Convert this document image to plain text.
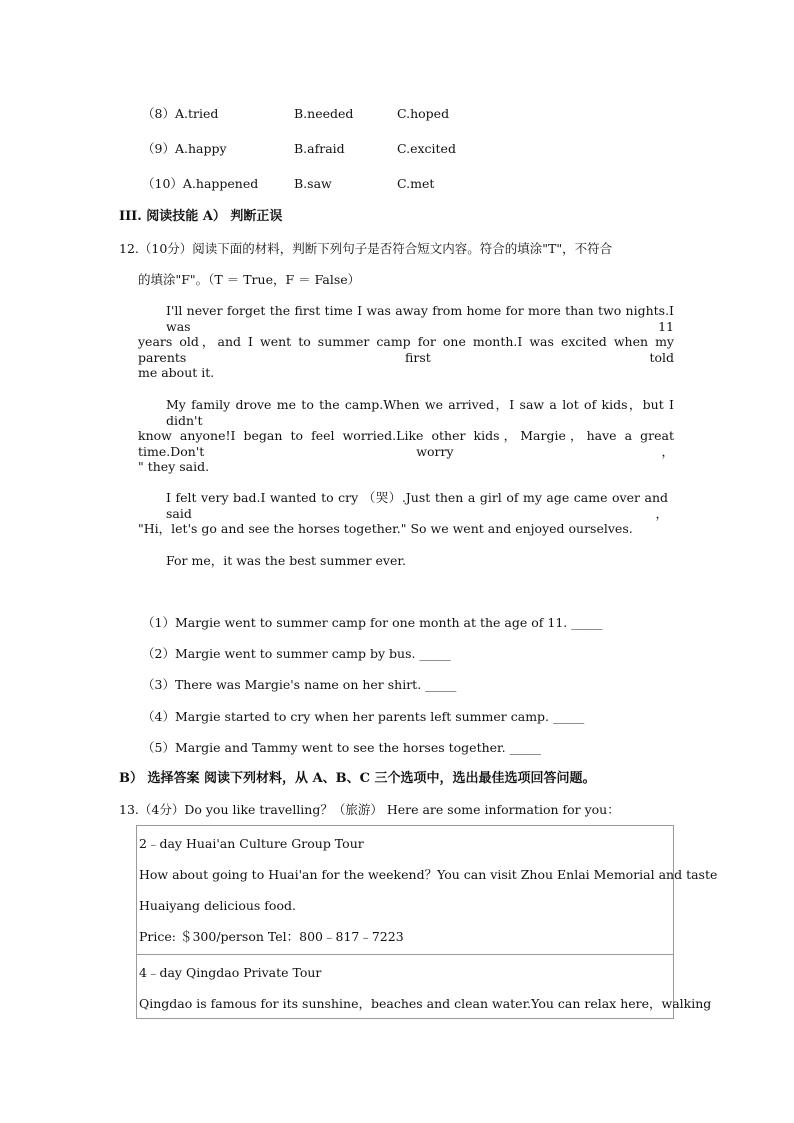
（8）A.tried	B.needed	C.hoped
（9）A.happy	B.afraid	C.excited
（10）A.happened	B.saw	C.met
III. 阅读技能 A） 判断正误
12.（10分）阅读下面的材料，判断下列句子是否符合短文内容。符合的填涂"T"，不符合
的填涂"F"。（T ＝ True，F ＝ False）
I'll never forget the first time I was away from home for more than two nights.I was 11
years old，and I went to summer camp for one month.I was excited when my parents first told
me about it.
My family drove me to the camp.When we arrived，I saw a lot of kids，but I didn't
know anyone!I began to feel worried.Like other kids，Margie，have a great time.Don't worry，
" they said.
I felt very bad.I wanted to cry （哭）.Just then a girl of my age came over and said，
"Hi，let's go and see the horses together." So we went and enjoyed ourselves.
For me，it was the best summer ever.
（1）Margie went to summer camp for one month at the age of 11. _____
（2）Margie went to summer camp by bus. _____
（3）There was Margie's name on her shirt. _____
（4）Margie started to cry when her parents left summer camp. _____
（5）Margie and Tammy went to see the horses together. _____
B） 选择答案 阅读下列材料，从 A、B、C 三个选项中，选出最佳选项回答问题。
13.（4分）Do you like travelling？（旅游） Here are some information for you：
2﹣day Huai'an Culture Group Tour
How about going to Huai'an for the weekend？You can visit Zhou Enlai Memorial and taste
Huaiyang delicious food.
Price: ＄300/person Tel：800﹣817﹣7223
4﹣day Qingdao Private Tour
Qingdao is famous for its sunshine，beaches and clean water.You can relax here，walking
